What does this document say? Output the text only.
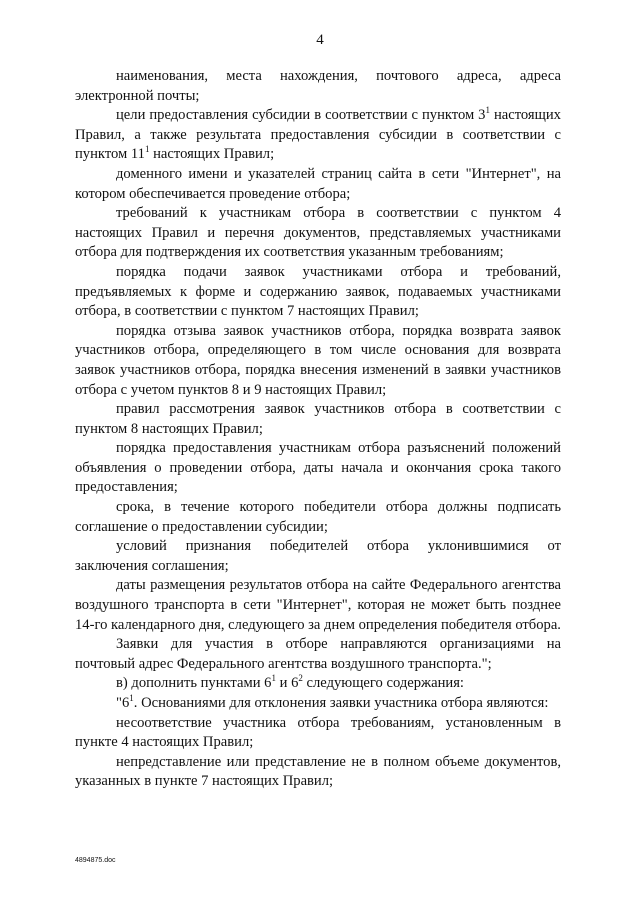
4

наименования, места нахождения, почтового адреса, адреса электронной почты;

цели предоставления субсидии в соответствии с пунктом $3^1$ настоящих Правил, а также результата предоставления субсидии в соответствии с пунктом $11^1$ настоящих Правил;

доменного имени и указателей страниц сайта в сети "Интернет", на котором обеспечивается проведение отбора;

требований к участникам отбора в соответствии с пунктом 4 настоящих Правил и перечня документов, представляемых участниками отбора для подтверждения их соответствия указанным требованиям;

порядка подачи заявок участниками отбора и требований, предъявляемых к форме и содержанию заявок, подаваемых участниками отбора, в соответствии с пунктом 7 настоящих Правил;

порядка отзыва заявок участников отбора, порядка возврата заявок участников отбора, определяющего в том числе основания для возврата заявок участников отбора, порядка внесения изменений в заявки участников отбора с учетом пунктов 8 и 9 настоящих Правил;

правил рассмотрения заявок участников отбора в соответствии с пунктом 8 настоящих Правил;

порядка предоставления участникам отбора разъяснений положений объявления о проведении отбора, даты начала и окончания срока такого предоставления;

срока, в течение которого победители отбора должны подписать соглашение о предоставлении субсидии;

условий признания победителей отбора уклонившимися от заключения соглашения;

даты размещения результатов отбора на сайте Федерального агентства воздушного транспорта в сети "Интернет", которая не может быть позднее 14-го календарного дня, следующего за днем определения победителя отбора.

Заявки для участия в отборе направляются организациями на почтовый адрес Федерального агентства воздушного транспорта.";

в) дополнить пунктами $6^1$ и $6^2$ следующего содержания:

"$6^1$. Основаниями для отклонения заявки участника отбора являются:

несоответствие участника отбора требованиям, установленным в пункте 4 настоящих Правил;

непредставление или представление не в полном объеме документов, указанных в пункте 7 настоящих Правил;

4894875.doc
